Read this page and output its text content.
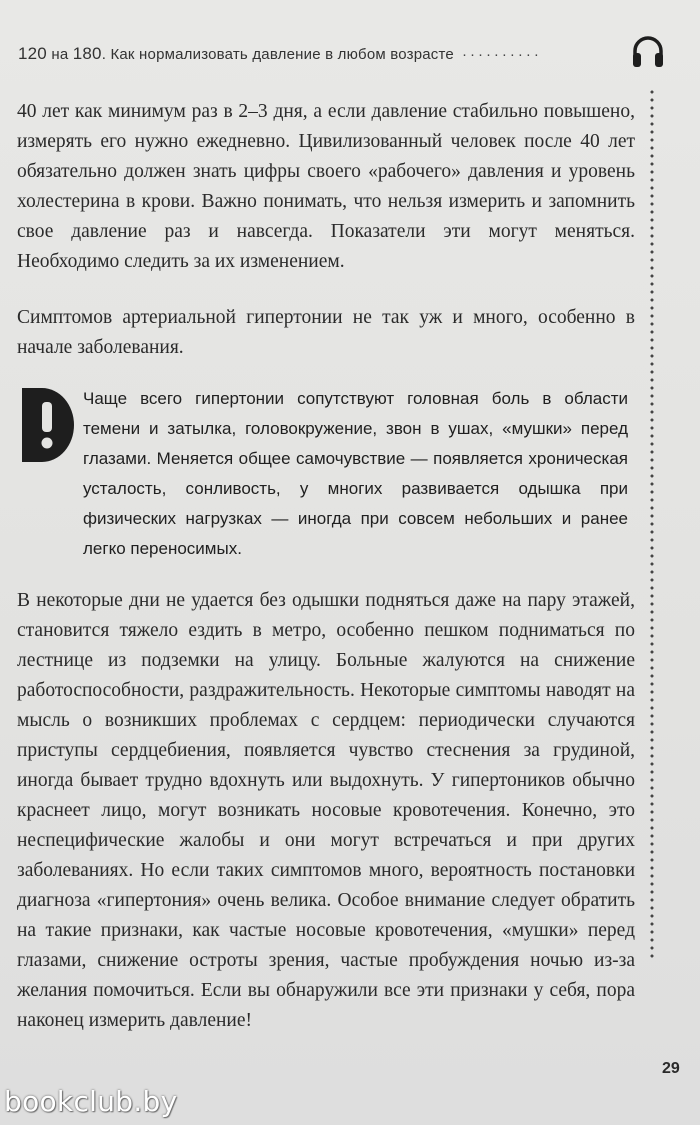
120 на 180. Как нормализовать давление в любом возрасте ··········

40 лет как минимум раз в 2–3 дня, а если давление стабильно повышено, измерять его нужно ежедневно. Цивилизованный человек после 40 лет обязательно должен знать цифры своего «рабочего» давления и уровень холестерина в крови. Важно понимать, что нельзя измерить и запомнить свое давление раз и навсегда. Показатели эти могут меняться. Необходимо следить за их изменением.

Симптомов артериальной гипертонии не так уж и много, особенно в начале заболевания.

Чаще всего гипертонии сопутствуют головная боль в области темени и затылка, головокружение, звон в ушах, «мушки» перед глазами. Меняется общее самочувствие — появляется хроническая усталость, сонливость, у многих развивается одышка при физических нагрузках — иногда при совсем небольших и ранее легко переносимых.

В некоторые дни не удается без одышки подняться даже на пару этажей, становится тяжело ездить в метро, особенно пешком подниматься по лестнице из подземки на улицу. Больные жалуются на снижение работоспособности, раздражительность. Некоторые симптомы наводят на мысль о возникших проблемах с сердцем: периодически случаются приступы сердцебиения, появляется чувство стеснения за грудиной, иногда бывает трудно вдохнуть или выдохнуть. У гипертоников обычно краснеет лицо, могут возникать носовые кровотечения. Конечно, это неспецифические жалобы и они могут встречаться и при других заболеваниях. Но если таких симптомов много, вероятность постановки диагноза «гипертония» очень велика. Особое внимание следует обратить на такие признаки, как частые носовые кровотечения, «мушки» перед глазами, снижение остроты зрения, частые пробуждения ночью из-за желания помочиться. Если вы обнаружили все эти признаки у себя, пора наконец измерить давление!

29
bookclub.by
